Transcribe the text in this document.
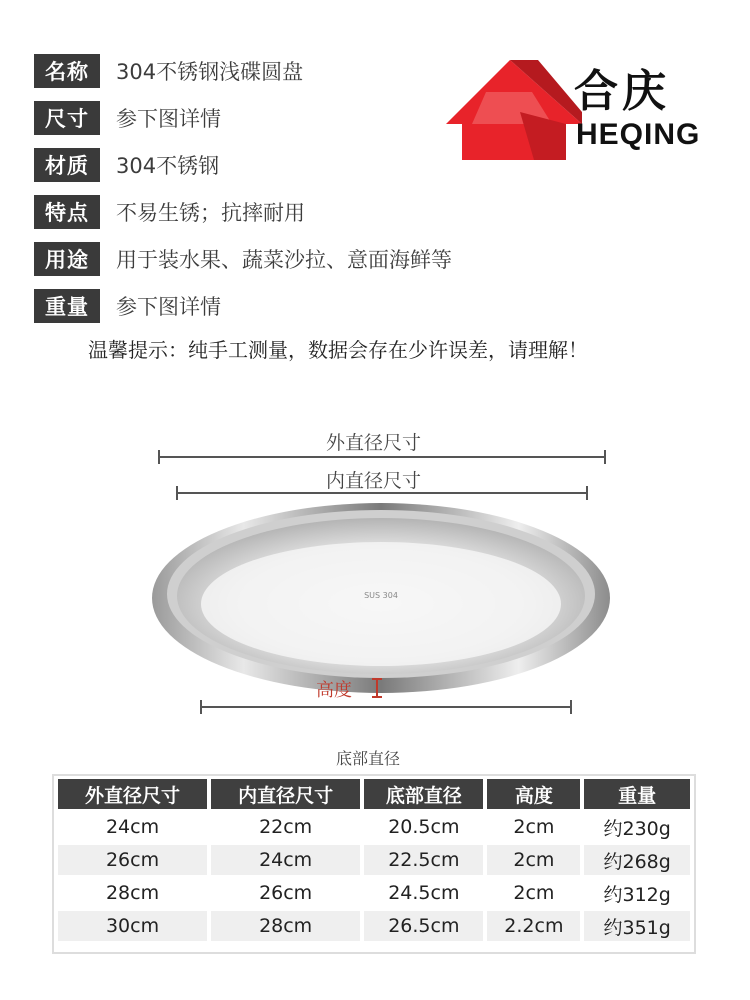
名称	304不锈钢浅碟圆盘
尺寸	参下图详情
材质	304不锈钢
特点	不易生锈；抗摔耐用
用途	用于装水果、蔬菜沙拉、意面海鲜等
重量	参下图详情
温馨提示：纯手工测量，数据会存在少许误差，请理解！
合庆
HEQING
外直径尺寸
内直径尺寸
SUS 304
高度
底部直径
外直径尺寸	内直径尺寸	底部直径	高度	重量
24cm	22cm	20.5cm	2cm	约230g
26cm	24cm	22.5cm	2cm	约268g
28cm	26cm	24.5cm	2cm	约312g
30cm	28cm	26.5cm	2.2cm	约351g
